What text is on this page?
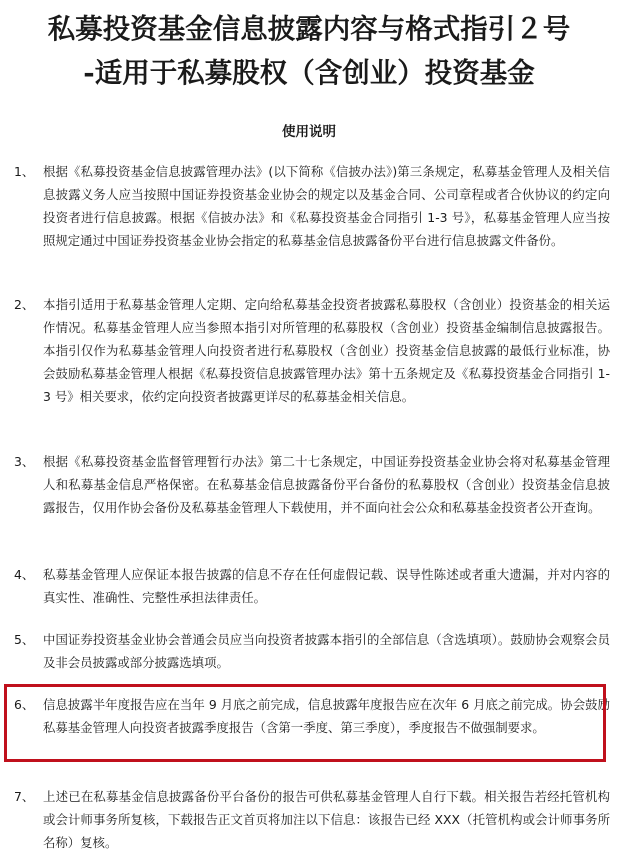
私募投资基金信息披露内容与格式指引２号
-适用于私募股权（含创业）投资基金
使用说明
1、 根据《私募投资基金信息披露管理办法》(以下简称《信披办法》)第三条规定，私募基金管理人及相关信息披露义务人应当按照中国证券投资基金业协会的规定以及基金合同、公司章程或者合伙协议的约定向投资者进行信息披露。根据《信披办法》和《私募投资基金合同指引 1-3 号》，私募基金管理人应当按照规定通过中国证券投资基金业协会指定的私募基金信息披露备份平台进行信息披露文件备份。
2、 本指引适用于私募基金管理人定期、定向给私募基金投资者披露私募股权（含创业）投资基金的相关运作情况。私募基金管理人应当参照本指引对所管理的私募股权（含创业）投资基金编制信息披露报告。本指引仅作为私募基金管理人向投资者进行私募股权（含创业）投资基金信息披露的最低行业标准，协会鼓励私募基金管理人根据《私募投资信息披露管理办法》第十五条规定及《私募投资基金合同指引 1-3 号》相关要求，依约定向投资者披露更详尽的私募基金相关信息。
3、 根据《私募投资基金监督管理暂行办法》第二十七条规定，中国证券投资基金业协会将对私募基金管理人和私募基金信息严格保密。在私募基金信息披露备份平台备份的私募股权（含创业）投资基金信息披露报告，仅用作协会备份及私募基金管理人下载使用，并不面向社会公众和私募基金投资者公开查询。
4、 私募基金管理人应保证本报告披露的信息不存在任何虚假记载、误导性陈述或者重大遗漏，并对内容的真实性、准确性、完整性承担法律责任。
5、 中国证券投资基金业协会普通会员应当向投资者披露本指引的全部信息（含选填项）。鼓励协会观察会员及非会员披露或部分披露选填项。
6、 信息披露半年度报告应在当年 9 月底之前完成，信息披露年度报告应在次年 6 月底之前完成。协会鼓励私募基金管理人向投资者披露季度报告（含第一季度、第三季度），季度报告不做强制要求。
7、 上述已在私募基金信息披露备份平台备份的报告可供私募基金管理人自行下载。相关报告若经托管机构或会计师事务所复核，下载报告正文首页将加注以下信息：该报告已经 XXX（托管机构或会计师事务所名称）复核。
